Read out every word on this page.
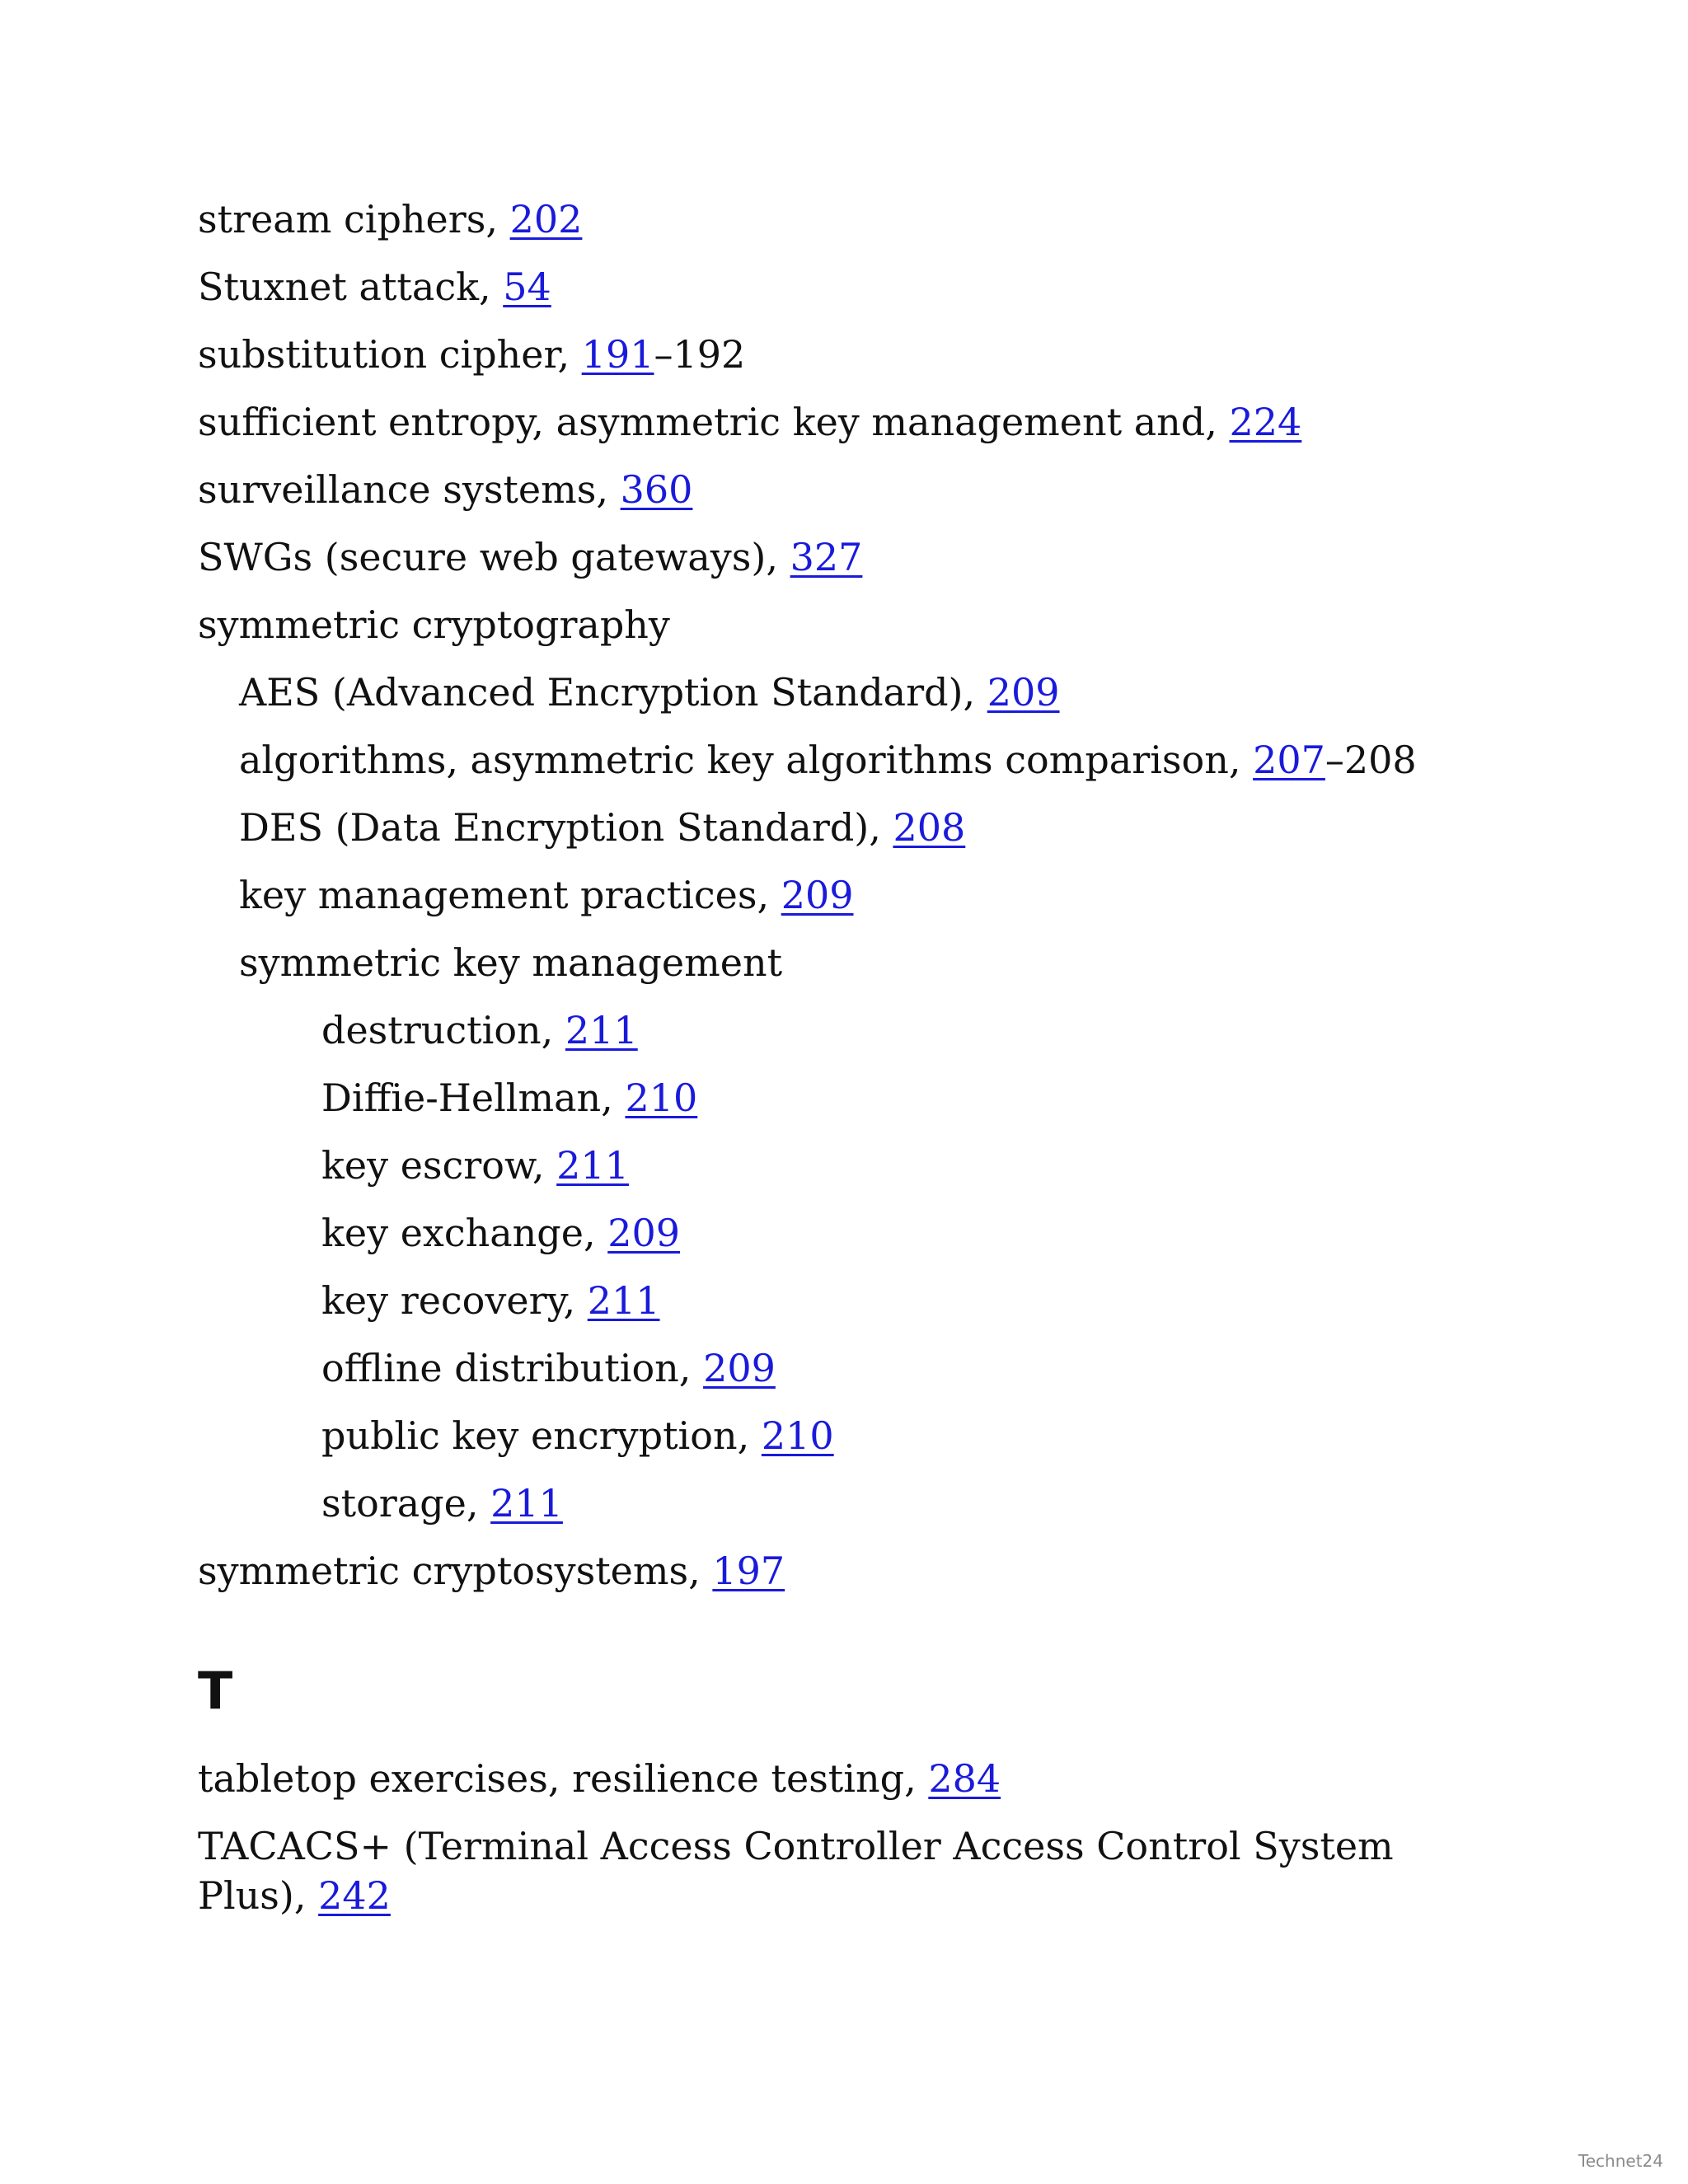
stream ciphers, 202
Stuxnet attack, 54
substitution cipher, 191–192
sufficient entropy, asymmetric key management and, 224
surveillance systems, 360
SWGs (secure web gateways), 327
symmetric cryptography
AES (Advanced Encryption Standard), 209
algorithms, asymmetric key algorithms comparison, 207–208
DES (Data Encryption Standard), 208
key management practices, 209
symmetric key management
destruction, 211
Diffie-Hellman, 210
key escrow, 211
key exchange, 209
key recovery, 211
offline distribution, 209
public key encryption, 210
storage, 211
symmetric cryptosystems, 197
T
tabletop exercises, resilience testing, 284
TACACS+ (Terminal Access Controller Access Control System Plus), 242
Technet24
